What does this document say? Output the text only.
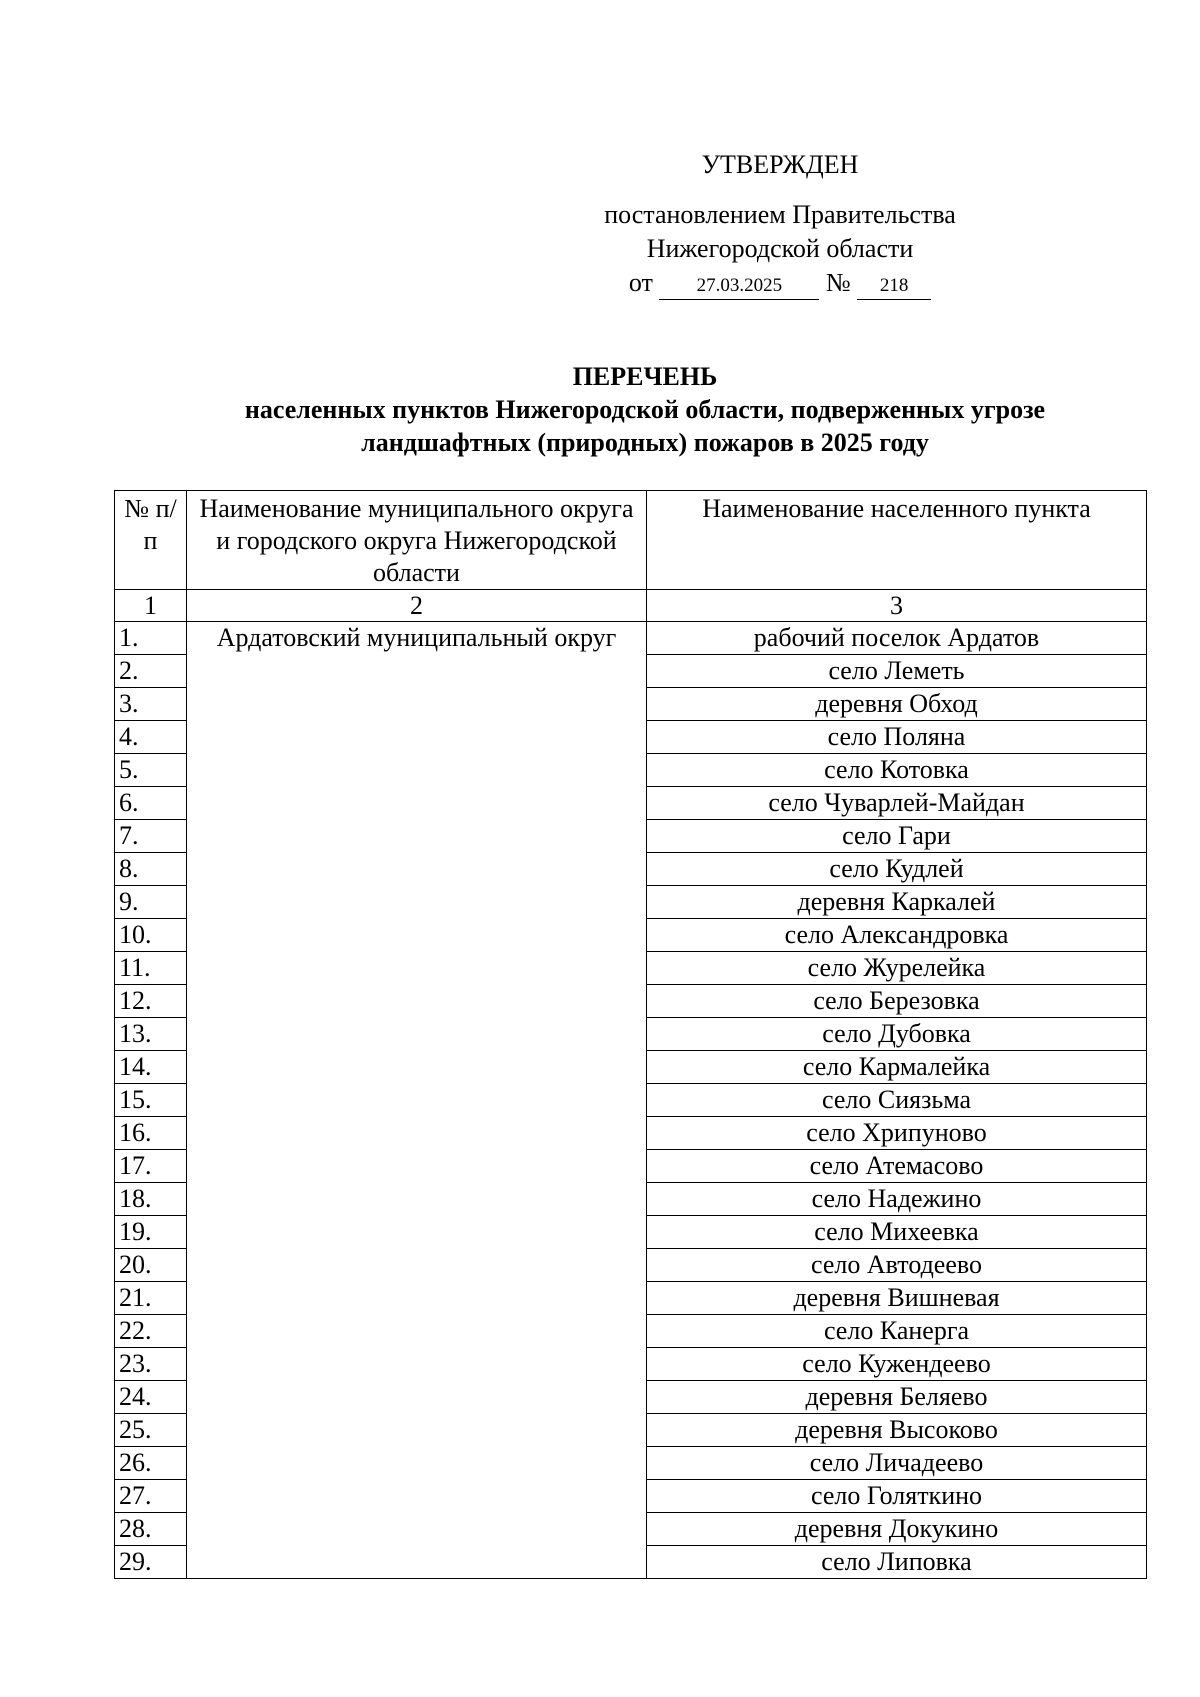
УТВЕРЖДЕН
постановлением Правительства
Нижегородской области
от 27.03.2025 № 218
ПЕРЕЧЕНЬ
населенных пунктов Нижегородской области, подверженных угрозе
ландшафтных (природных) пожаров в 2025 году
№ п/п	Наименование муниципального округа и городского округа Нижегородской области	Наименование населенного пункта
1	2	3
1.	Ардатовский муниципальный округ	рабочий поселок Ардатов
2.		село Леметь
3.		деревня Обход
4.		село Поляна
5.		село Котовка
6.		село Чуварлей-Майдан
7.		село Гари
8.		село Кудлей
9.		деревня Каркалей
10.		село Александровка
11.		село Журелейка
12.		село Березовка
13.		село Дубовка
14.		село Кармалейка
15.		село Сиязьма
16.		село Хрипуново
17.		село Атемасово
18.		село Надежино
19.		село Михеевка
20.		село Автодеево
21.		деревня Вишневая
22.		село Канерга
23.		село Кужендеево
24.		деревня Беляево
25.		деревня Высоково
26.		село Личадеево
27.		село Голяткино
28.		деревня Докукино
29.		село Липовка
